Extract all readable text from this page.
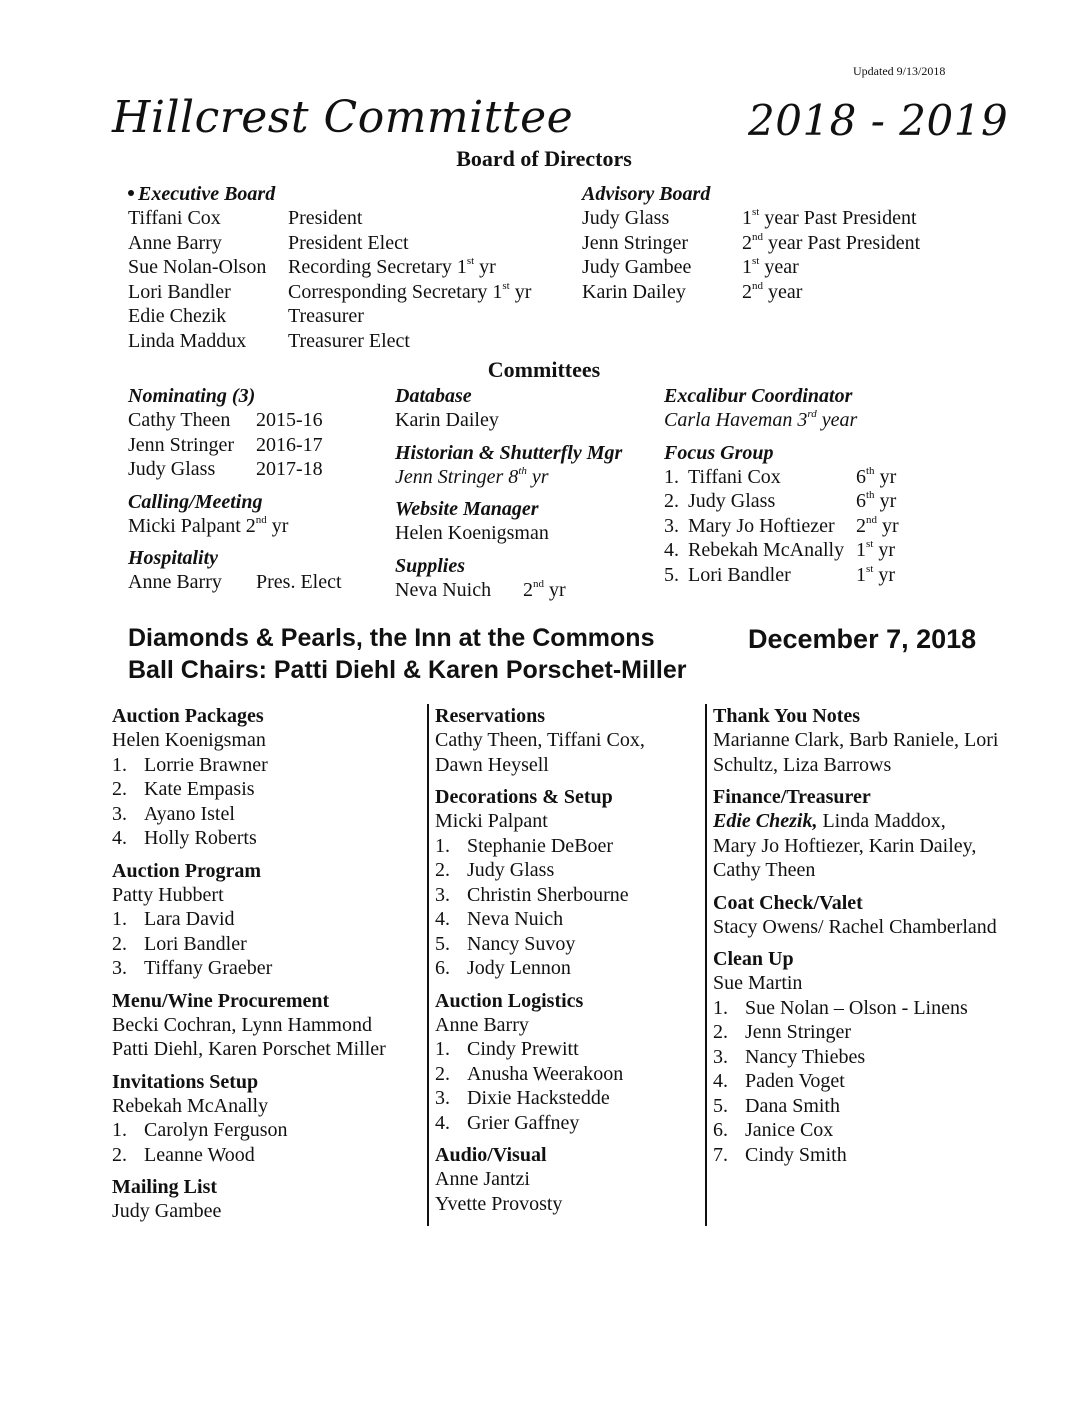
Updated 9/13/2018
Hillcrest Committee	2018 - 2019
Board of Directors
Executive Board
Tiffani Cox	President
Anne Barry	President Elect
Sue Nolan-Olson	Recording Secretary 1st yr
Lori Bandler	Corresponding Secretary 1st yr
Edie Chezik	Treasurer
Linda Maddux	Treasurer Elect
Advisory Board
Judy Glass	1st year Past President
Jenn Stringer	2nd year Past President
Judy Gambee	1st year
Karin Dailey	2nd year
Committees
Nominating (3)
Cathy Theen	2015-16
Jenn Stringer	2016-17
Judy Glass	2017-18
Calling/Meeting
Micki Palpant 2nd yr
Hospitality
Anne Barry	Pres. Elect
Database
Karin Dailey
Historian & Shutterfly Mgr
Jenn Stringer 8th yr
Website Manager
Helen Koenigsman
Supplies
Neva Nuich	2nd yr
Excalibur Coordinator
Carla Haveman 3rd year
Focus Group
1. Tiffani Cox	6th yr
2. Judy Glass	6th yr
3. Mary Jo Hoftiezer	2nd yr
4. Rebekah McAnally 1st yr
5. Lori Bandler	1st yr
Diamonds & Pearls, the Inn at the Commons
Ball Chairs: Patti Diehl & Karen Porschet-Miller
December 7, 2018
Auction Packages
Helen Koenigsman
1. Lorrie Brawner
2. Kate Empasis
3. Ayano Istel
4. Holly Roberts
Auction Program
Patty Hubbert
1. Lara David
2. Lori Bandler
3. Tiffany Graeber
Menu/Wine Procurement
Becki Cochran, Lynn Hammond
Patti Diehl, Karen Porschet Miller
Invitations Setup
Rebekah McAnally
1. Carolyn Ferguson
2. Leanne Wood
Mailing List
Judy Gambee
Reservations
Cathy Theen, Tiffani Cox,
Dawn Heysell
Decorations & Setup
Micki Palpant
1. Stephanie DeBoer
2. Judy Glass
3. Christin Sherbourne
4. Neva Nuich
5. Nancy Suvoy
6. Jody Lennon
Auction Logistics
Anne Barry
1. Cindy Prewitt
2. Anusha Weerakoon
3. Dixie Hackstedde
4. Grier Gaffney
Audio/Visual
Anne Jantzi
Yvette Provosty
Thank You Notes
Marianne Clark, Barb Raniele, Lori
Schultz, Liza Barrows
Finance/Treasurer
Edie Chezik, Linda Maddox,
Mary Jo Hoftiezer, Karin Dailey,
Cathy Theen
Coat Check/Valet
Stacy Owens/ Rachel Chamberland
Clean Up
Sue Martin
1. Sue Nolan – Olson - Linens
2. Jenn Stringer
3. Nancy Thiebes
4. Paden Voget
5. Dana Smith
6. Janice Cox
7. Cindy Smith
